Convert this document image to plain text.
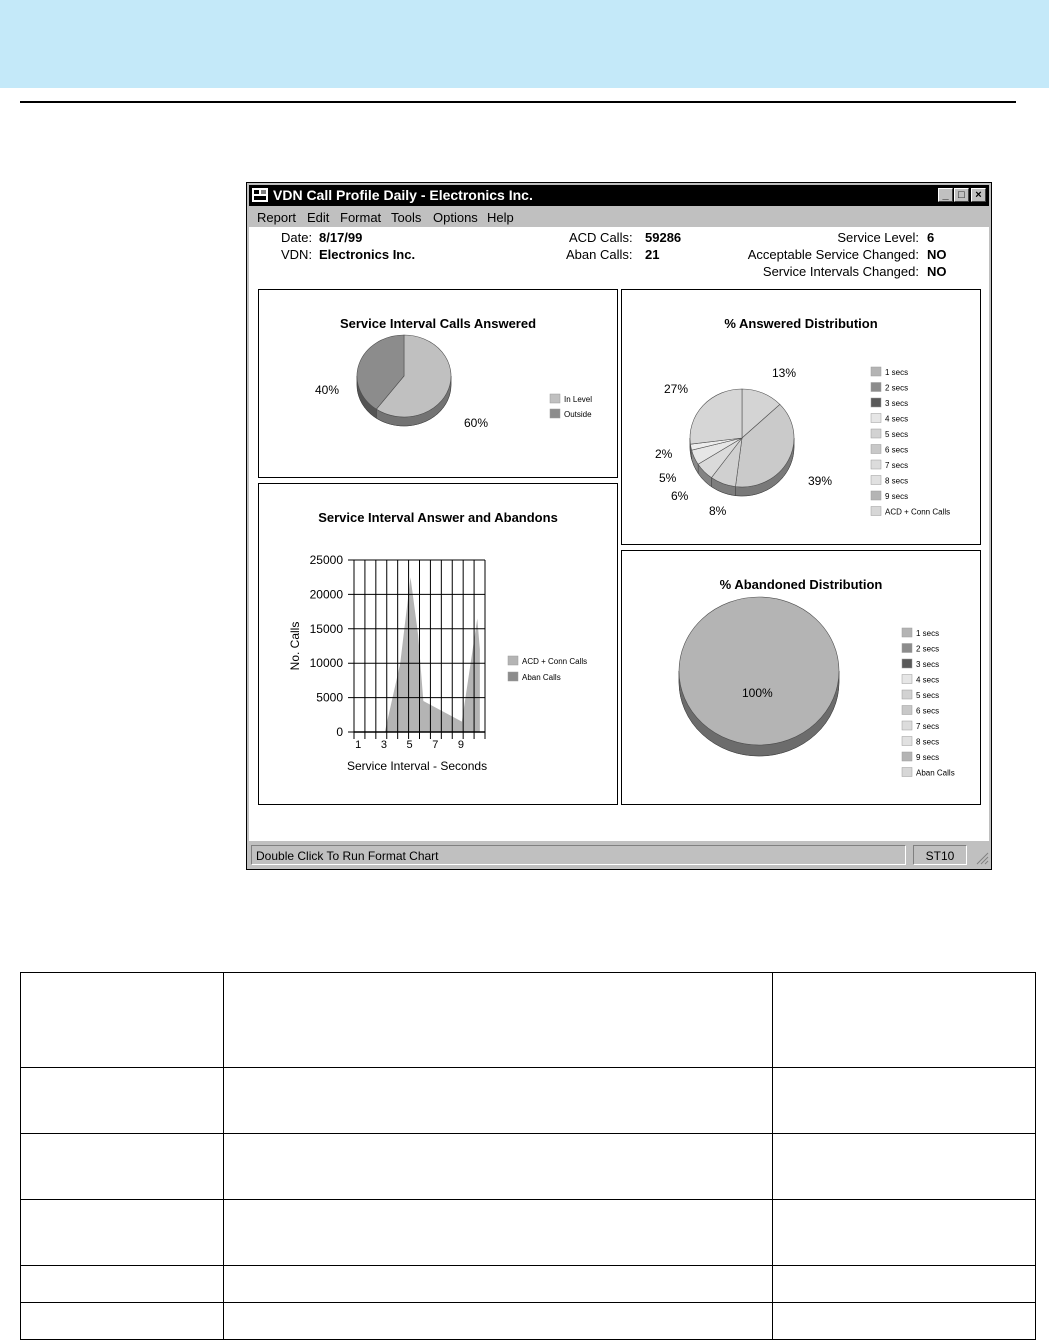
VDN Call Profile Daily - Electronics Inc.	_ □ ×
Report Edit Format Tools Options Help
Date: 8/17/99
VDN: Electronics Inc.
ACD Calls: 59286
Aban Calls: 21
Service Level: 6
Acceptable Service Changed: NO
Service Intervals Changed: NO
Service Interval Calls Answered
60%
40%
In Level
Outside
% Answered Distribution
13%
39%
8%
6%
5%
2%
27%
1 secs
2 secs
3 secs
4 secs
5 secs
6 secs
7 secs
8 secs
9 secs
ACD + Conn Calls
Service Interval Answer and Abandons
25000
20000
15000
10000
5000
0
1 3 5 7 9
Service Interval - Seconds
No. Calls	ACD + Conn Calls
Aban Calls
% Abandoned Distribution
100%
1 secs
2 secs
3 secs
4 secs
5 secs
6 secs
7 secs
8 secs
9 secs
Aban Calls
Double Click To Run Format Chart	ST10
